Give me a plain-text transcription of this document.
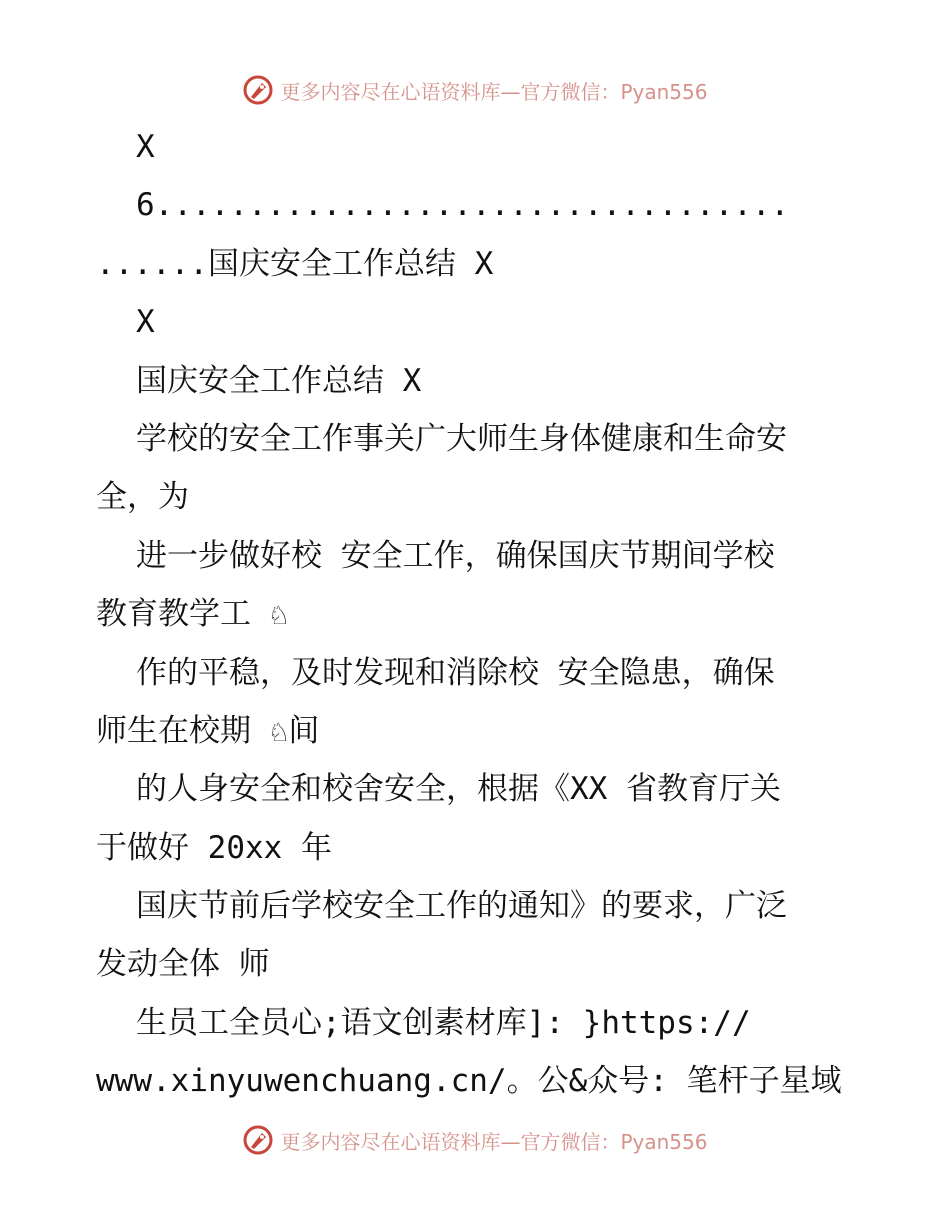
更多内容尽在心语资料库—官方微信：Pyan556
X
6..................................
......国庆安全工作总结 X
X
国庆安全工作总结 X
学校的安全工作事关广大师生身体健康和生命安
全，为
进一步做好校 安全工作，确保国庆节期间学校
教育教学工 ♘
作的平稳，及时发现和消除校 安全隐患，确保
师生在校期 ♘间
的人身安全和校舍安全，根据《XX 省教育厅关
于做好 20xx 年
国庆节前后学校安全工作的通知》的要求，广泛
发动全体 师
生员工全员心;语文创素材库]: }https://
www.xinyuwenchuang.cn/。公&众号: 笔杆子星域
更多内容尽在心语资料库—官方微信：Pyan556
